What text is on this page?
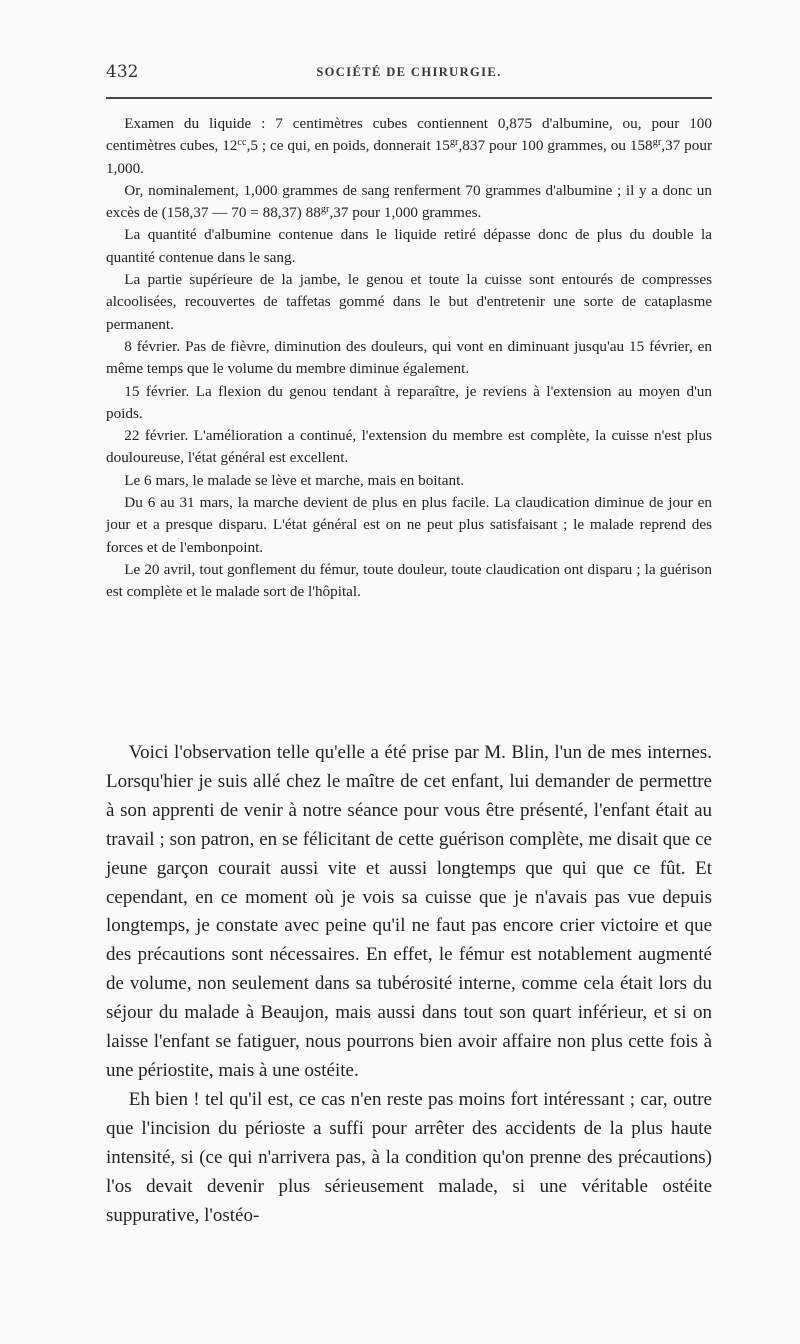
432	SOCIÉTÉ DE CHIRURGIE.

Examen du liquide : 7 centimètres cubes contiennent 0,875 d'albumine, ou, pour 100 centimètres cubes, $12^{cc},5$ ; ce qui, en poids, donnerait $15^{gr},837$ pour 100 grammes, ou $158^{gr},37$ pour 1,000.

Or, nominalement, 1,000 grammes de sang renferment 70 grammes d'albumine ; il y a donc un excès de (158,37 — 70 = 88,37) $88^{gr},37$ pour 1,000 grammes.

La quantité d'albumine contenue dans le liquide retiré dépasse donc de plus du double la quantité contenue dans le sang.

La partie supérieure de la jambe, le genou et toute la cuisse sont entourés de compresses alcoolisées, recouvertes de taffetas gommé dans le but d'entretenir une sorte de cataplasme permanent.

8 février. Pas de fièvre, diminution des douleurs, qui vont en diminuant jusqu'au 15 février, en même temps que le volume du membre diminue également.

15 février. La flexion du genou tendant à reparaître, je reviens à l'extension au moyen d'un poids.

22 février. L'amélioration a continué, l'extension du membre est complète, la cuisse n'est plus douloureuse, l'état général est excellent.

Le 6 mars, le malade se lève et marche, mais en boitant.

Du 6 au 31 mars, la marche devient de plus en plus facile. La claudication diminue de jour en jour et a presque disparu. L'état général est on ne peut plus satisfaisant ; le malade reprend des forces et de l'embonpoint.

Le 20 avril, tout gonflement du fémur, toute douleur, toute claudication ont disparu ; la guérison est complète et le malade sort de l'hôpital.

Voici l'observation telle qu'elle a été prise par M. Blin, l'un de mes internes. Lorsqu'hier je suis allé chez le maître de cet enfant, lui demander de permettre à son apprenti de venir à notre séance pour vous être présenté, l'enfant était au travail ; son patron, en se félicitant de cette guérison complète, me disait que ce jeune garçon courait aussi vite et aussi longtemps que qui que ce fût. Et cependant, en ce moment où je vois sa cuisse que je n'avais pas vue depuis longtemps, je constate avec peine qu'il ne faut pas encore crier victoire et que des précautions sont nécessaires. En effet, le fémur est notablement augmenté de volume, non seulement dans sa tubérosité interne, comme cela était lors du séjour du malade à Beaujon, mais aussi dans tout son quart inférieur, et si on laisse l'enfant se fatiguer, nous pourrons bien avoir affaire non plus cette fois à une périostite, mais à une ostéite.

Eh bien ! tel qu'il est, ce cas n'en reste pas moins fort intéressant ; car, outre que l'incision du périoste a suffi pour arrêter des accidents de la plus haute intensité, si (ce qui n'arrivera pas, à la condition qu'on prenne des précautions) l'os devait devenir plus sérieusement malade, si une véritable ostéite suppurative, l'ostéo-
